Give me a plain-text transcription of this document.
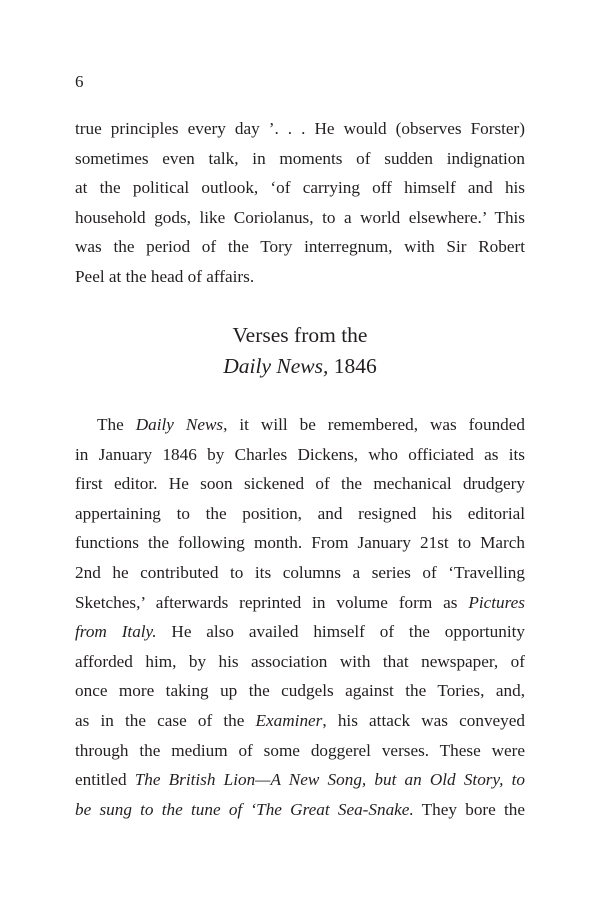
6
true principles every day ’. . . He would (observes Forster)
sometimes even talk, in moments of sudden indignation
at the political outlook, ‘of carrying off himself and his
household gods, like Coriolanus, to a world elsewhere.’ This
was the period of the Tory interregnum, with Sir Robert
Peel at the head of affairs.
Verses from the
Daily News, 1846
The Daily News, it will be remembered, was founded
in January 1846 by Charles Dickens, who officiated as its
first editor. He soon sickened of the mechanical drudgery
appertaining to the position, and resigned his editorial
functions the following month. From January 21st to March
2nd he contributed to its columns a series of ‘Travelling
Sketches,’ afterwards reprinted in volume form as Pictures
from Italy. He also availed himself of the opportunity
afforded him, by his association with that newspaper, of
once more taking up the cudgels against the Tories, and,
as in the case of the Examiner, his attack was conveyed
through the medium of some doggerel verses. These were
entitled The British Lion—A New Song, but an Old Story, to
be sung to the tune of ‘The Great Sea-Snake. They bore the
